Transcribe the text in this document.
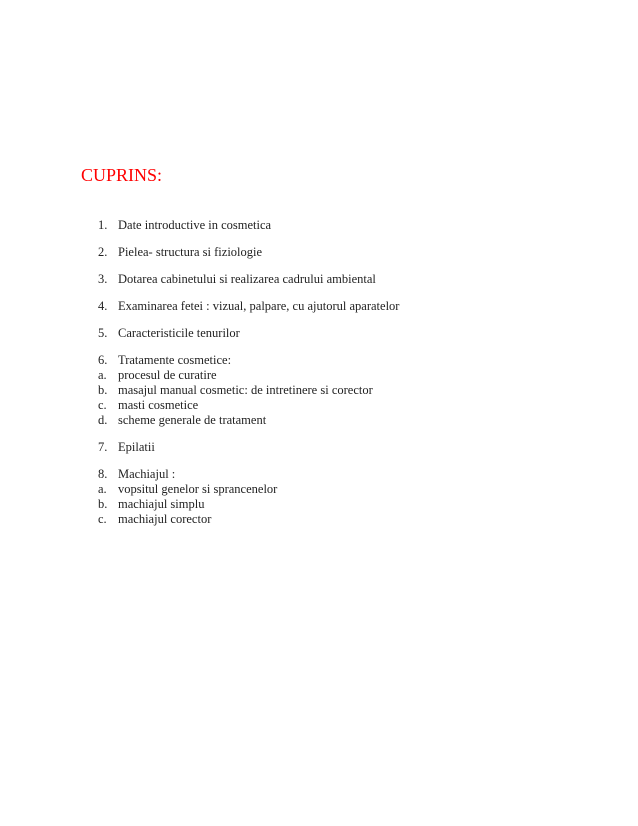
CUPRINS:
1. Date introductive in cosmetica
2. Pielea- structura si fiziologie
3. Dotarea cabinetului si realizarea cadrului ambiental
4. Examinarea fetei : vizual, palpare, cu ajutorul aparatelor
5. Caracteristicile tenurilor
6. Tratamente cosmetice:
a. procesul de curatire
b. masajul manual cosmetic: de intretinere si corector
c. masti cosmetice
d. scheme generale de tratament
7. Epilatii
8. Machiajul :
a. vopsitul genelor si sprancenelor
b. machiajul simplu
c. machiajul corector
